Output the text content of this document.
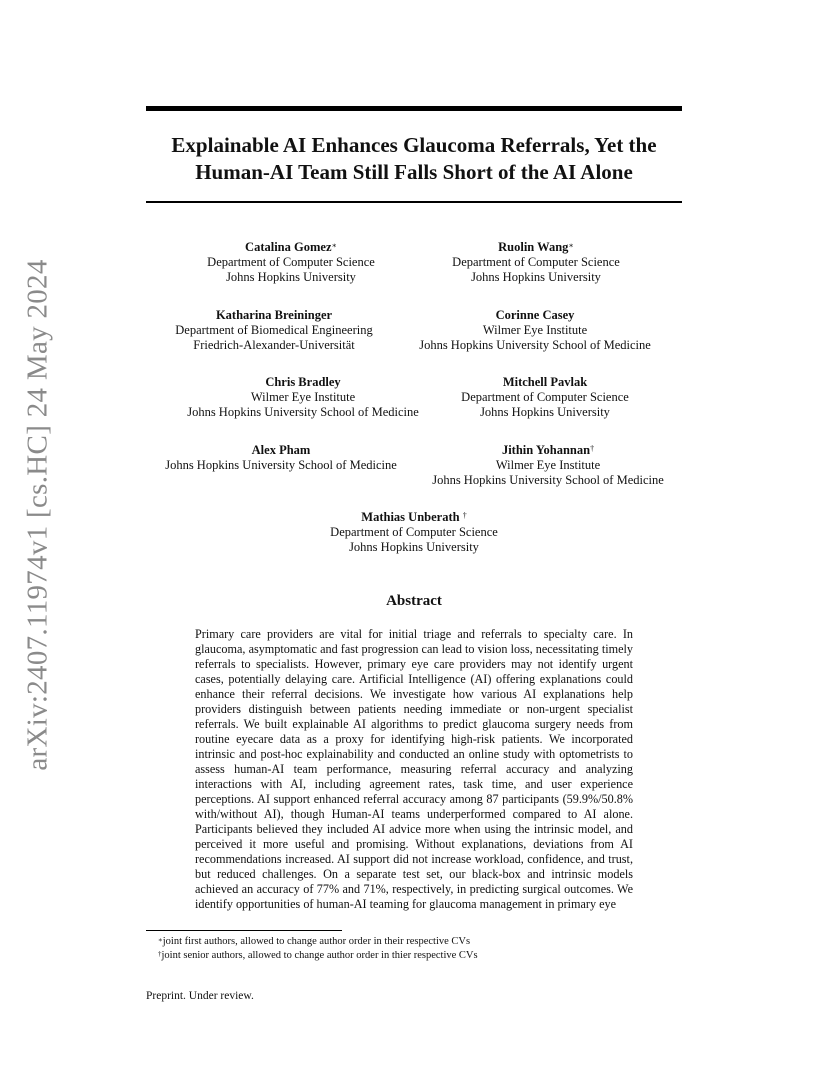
arXiv:2407.11974v1 [cs.HC] 24 May 2024
Explainable AI Enhances Glaucoma Referrals, Yet the
Human-AI Team Still Falls Short of the AI Alone
Catalina Gomez∗
Department of Computer Science
Johns Hopkins University
Ruolin Wang∗
Department of Computer Science
Johns Hopkins University
Katharina Breininger
Department of Biomedical Engineering
Friedrich-Alexander-Universität
Corinne Casey
Wilmer Eye Institute
Johns Hopkins University School of Medicine
Chris Bradley
Wilmer Eye Institute
Johns Hopkins University School of Medicine
Mitchell Pavlak
Department of Computer Science
Johns Hopkins University
Alex Pham
Johns Hopkins University School of Medicine
Jithin Yohannan†
Wilmer Eye Institute
Johns Hopkins University School of Medicine
Mathias Unberath †
Department of Computer Science
Johns Hopkins University
Abstract

Primary care providers are vital for initial triage and referrals to specialty care. In glaucoma, asymptomatic and fast progression can lead to vision loss, necessitating timely referrals to specialists. However, primary eye care providers may not identify urgent cases, potentially delaying care. Artificial Intelligence (AI) offering explanations could enhance their referral decisions. We investigate how various AI explanations help providers distinguish between patients needing immediate or non-urgent specialist referrals. We built explainable AI algorithms to predict glaucoma surgery needs from routine eyecare data as a proxy for identifying high-risk patients. We incorporated intrinsic and post-hoc explainability and conducted an online study with optometrists to assess human-AI team performance, measuring referral accuracy and analyzing interactions with AI, including agreement rates, task time, and user experience perceptions. AI support enhanced referral accuracy among 87 participants (59.9%/50.8% with/without AI), though Human-AI teams underperformed compared to AI alone. Participants believed they included AI advice more when using the intrinsic model, and perceived it more useful and promising. Without explanations, deviations from AI recommendations increased. AI support did not increase workload, confidence, and trust, but reduced challenges. On a separate test set, our black-box and intrinsic models achieved an accuracy of 77% and 71%, respectively, in predicting surgical outcomes. We identify opportunities of human-AI teaming for glaucoma management in primary eye

∗joint first authors, allowed to change author order in their respective CVs
†joint senior authors, allowed to change author order in thier respective CVs

Preprint. Under review.
